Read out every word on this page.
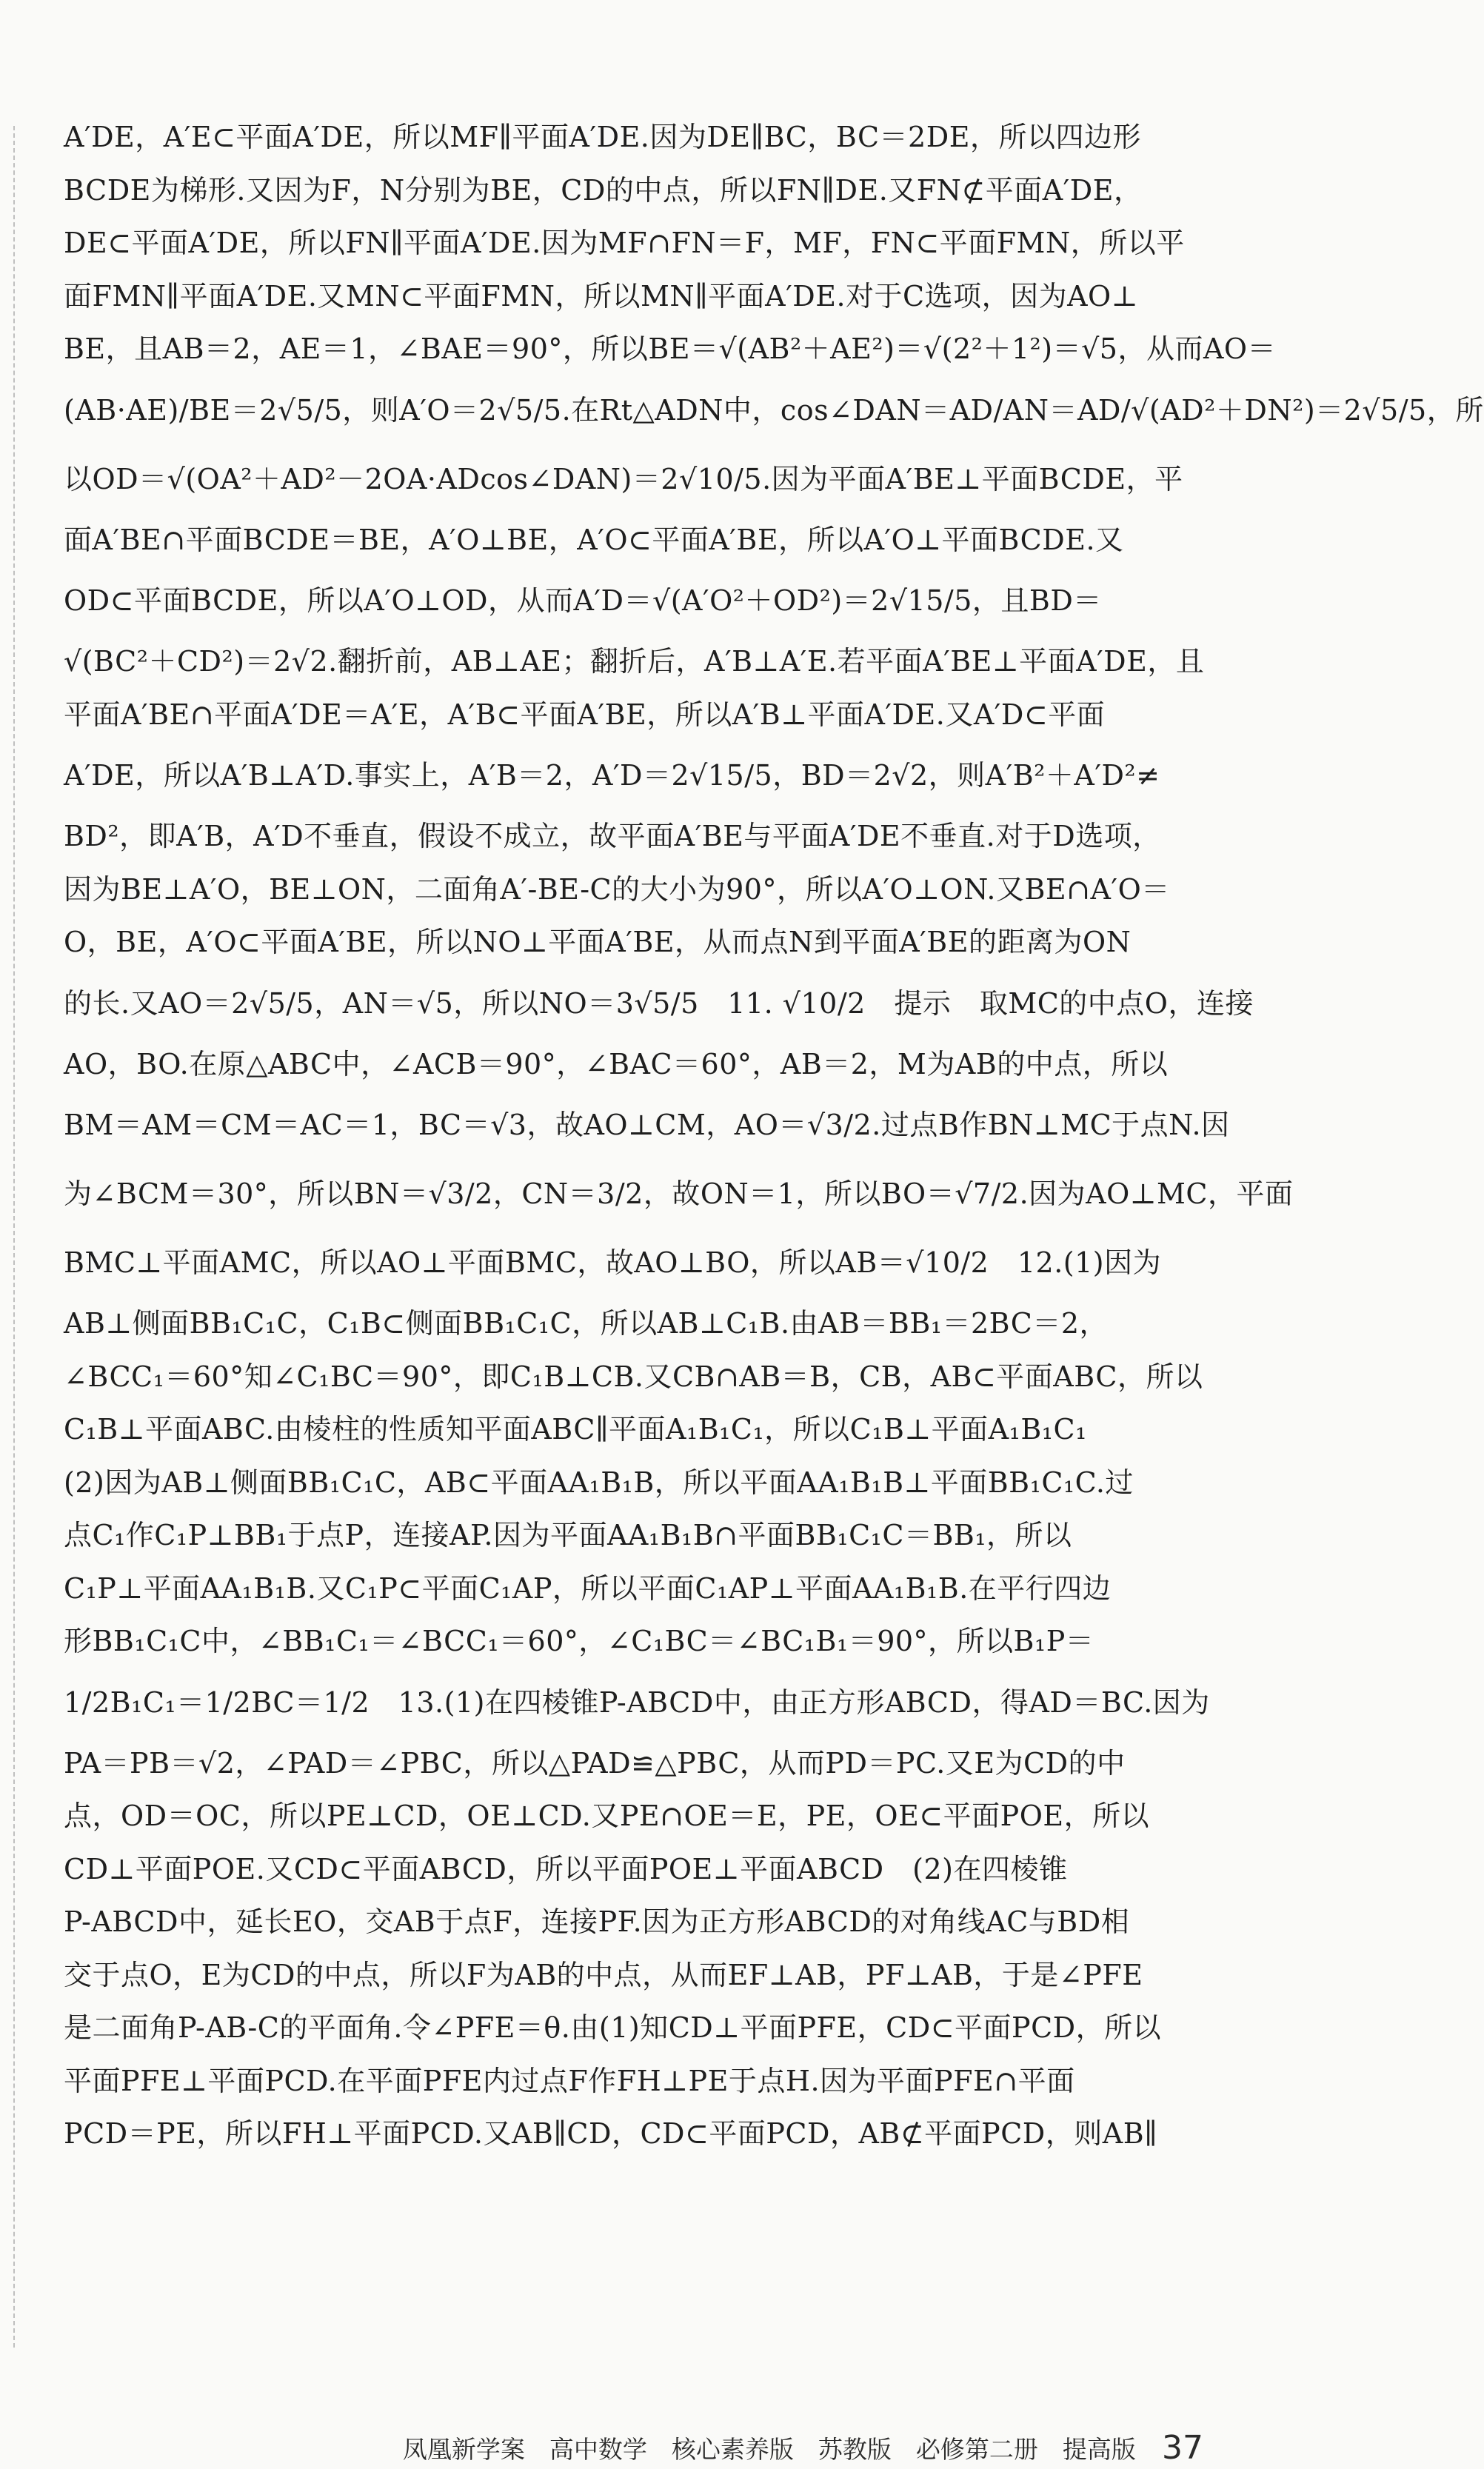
A′DE，A′E⊂平面A′DE，所以MF∥平面A′DE.因为DE∥BC，BC＝2DE，所以四边形
BCDE为梯形.又因为F，N分别为BE，CD的中点，所以FN∥DE.又FN⊄平面A′DE，
DE⊂平面A′DE，所以FN∥平面A′DE.因为MF∩FN＝F，MF，FN⊂平面FMN，所以平
面FMN∥平面A′DE.又MN⊂平面FMN，所以MN∥平面A′DE.对于C选项，因为AO⊥
BE，且AB＝2，AE＝1，∠BAE＝90°，所以BE＝√(AB²＋AE²)＝√(2²＋1²)＝√5，从而AO＝
(AB·AE)/BE＝2√5/5，则A′O＝2√5/5.在Rt△ADN中，cos∠DAN＝AD/AN＝AD/√(AD²＋DN²)＝2√5/5，所
以OD＝√(OA²＋AD²－2OA·ADcos∠DAN)＝2√10/5.因为平面A′BE⊥平面BCDE，平
面A′BE∩平面BCDE＝BE，A′O⊥BE，A′O⊂平面A′BE，所以A′O⊥平面BCDE.又
OD⊂平面BCDE，所以A′O⊥OD，从而A′D＝√(A′O²＋OD²)＝2√15/5，且BD＝
√(BC²＋CD²)＝2√2.翻折前，AB⊥AE；翻折后，A′B⊥A′E.若平面A′BE⊥平面A′DE，且
平面A′BE∩平面A′DE＝A′E，A′B⊂平面A′BE，所以A′B⊥平面A′DE.又A′D⊂平面
A′DE，所以A′B⊥A′D.事实上，A′B＝2，A′D＝2√15/5，BD＝2√2，则A′B²＋A′D²≠
BD²，即A′B，A′D不垂直，假设不成立，故平面A′BE与平面A′DE不垂直.对于D选项，
因为BE⊥A′O，BE⊥ON，二面角A′-BE-C的大小为90°，所以A′O⊥ON.又BE∩A′O＝
O，BE，A′O⊂平面A′BE，所以NO⊥平面A′BE，从而点N到平面A′BE的距离为ON
的长.又AO＝2√5/5，AN＝√5，所以NO＝3√5/5　11. √10/2　提示　取MC的中点O，连接
AO，BO.在原△ABC中，∠ACB＝90°，∠BAC＝60°，AB＝2，M为AB的中点，所以
BM＝AM＝CM＝AC＝1，BC＝√3，故AO⊥CM，AO＝√3/2.过点B作BN⊥MC于点N.因
为∠BCM＝30°，所以BN＝√3/2，CN＝3/2，故ON＝1，所以BO＝√7/2.因为AO⊥MC，平面
BMC⊥平面AMC，所以AO⊥平面BMC，故AO⊥BO，所以AB＝√10/2　12.(1)因为
AB⊥侧面BB₁C₁C，C₁B⊂侧面BB₁C₁C，所以AB⊥C₁B.由AB＝BB₁＝2BC＝2，
∠BCC₁＝60°知∠C₁BC＝90°，即C₁B⊥CB.又CB∩AB＝B，CB，AB⊂平面ABC，所以
C₁B⊥平面ABC.由棱柱的性质知平面ABC∥平面A₁B₁C₁，所以C₁B⊥平面A₁B₁C₁
(2)因为AB⊥侧面BB₁C₁C，AB⊂平面AA₁B₁B，所以平面AA₁B₁B⊥平面BB₁C₁C.过
点C₁作C₁P⊥BB₁于点P，连接AP.因为平面AA₁B₁B∩平面BB₁C₁C＝BB₁，所以
C₁P⊥平面AA₁B₁B.又C₁P⊂平面C₁AP，所以平面C₁AP⊥平面AA₁B₁B.在平行四边
形BB₁C₁C中，∠BB₁C₁＝∠BCC₁＝60°，∠C₁BC＝∠BC₁B₁＝90°，所以B₁P＝
1/2B₁C₁＝1/2BC＝1/2　13.(1)在四棱锥P-ABCD中，由正方形ABCD，得AD＝BC.因为
PA＝PB＝√2，∠PAD＝∠PBC，所以△PAD≌△PBC，从而PD＝PC.又E为CD的中
点，OD＝OC，所以PE⊥CD，OE⊥CD.又PE∩OE＝E，PE，OE⊂平面POE，所以
CD⊥平面POE.又CD⊂平面ABCD，所以平面POE⊥平面ABCD　(2)在四棱锥
P-ABCD中，延长EO，交AB于点F，连接PF.因为正方形ABCD的对角线AC与BD相
交于点O，E为CD的中点，所以F为AB的中点，从而EF⊥AB，PF⊥AB，于是∠PFE
是二面角P-AB-C的平面角.令∠PFE＝θ.由(1)知CD⊥平面PFE，CD⊂平面PCD，所以
平面PFE⊥平面PCD.在平面PFE内过点F作FH⊥PE于点H.因为平面PFE∩平面
PCD＝PE，所以FH⊥平面PCD.又AB∥CD，CD⊂平面PCD，AB⊄平面PCD，则AB∥
凤凰新学案　高中数学　核心素养版　苏教版　必修第二册　提高版 37
